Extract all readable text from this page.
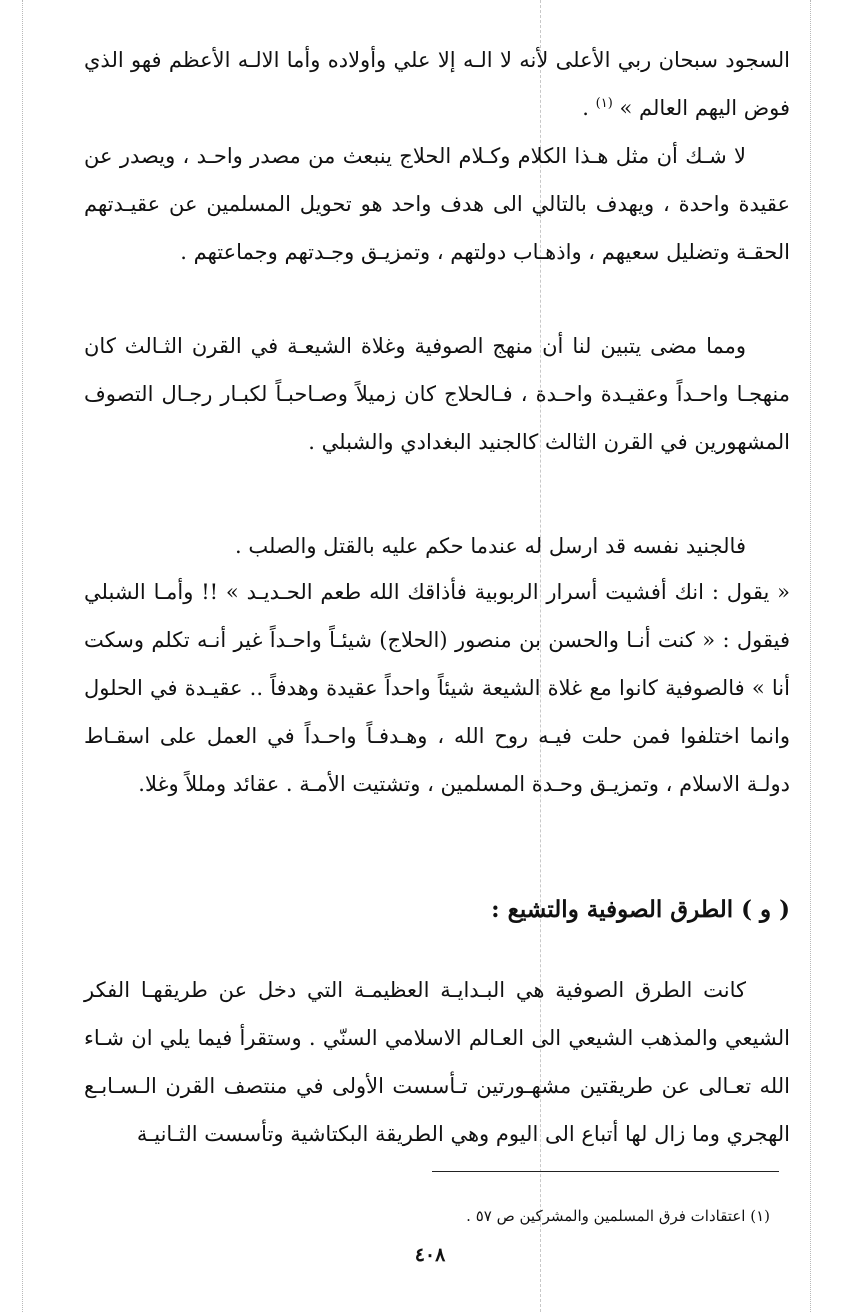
السجود سبحان ربي الأعلى لأنه لا الـه إلا علي وأولاده وأما الالـه الأعظم فهو الذي فوض اليهم العالم » $^{(١)}$ .

لا شـك أن مثل هـذا الكلام وكـلام الحلاج ينبعث من مصدر واحـد ، ويصدر عن عقيدة واحدة ، ويهدف بالتالي الى هدف واحد هو تحويل المسلمين عن عقيـدتهم الحقـة وتضليل سعيهم ، واذهـاب دولتهم ، وتمزيـق وجـدتهم وجماعتهم .

ومما مضى يتبين لنا أن منهج الصوفية وغلاة الشيعـة في القرن الثـالث كان منهجـا واحـداً وعقيـدة واحـدة ، فـالحلاج كان زميلاً وصـاحبـاً لكبـار رجـال التصوف المشهورين في القرن الثالث كالجنيد البغدادي والشبلي .

فالجنيد نفسه قد ارسل له عندما حكم عليه بالقتل والصلب .

« يقول : انك أفشيت أسرار الربوبية فأذاقك الله طعم الحـديـد » !! وأمـا الشبلي فيقول : « كنت أنـا والحسن بن منصور (الحلاج) شيئـاً واحـداً غير أنـه تكلم وسكت أنا » فالصوفية كانوا مع غلاة الشيعة شيئاً واحداً عقيدة وهدفاً .. عقيـدة في الحلول وانما اختلفوا فمن حلت فيـه روح الله ، وهـدفـاً واحـداً في العمل على اسقـاط دولـة الاسلام ، وتمزيـق وحـدة المسلمين ، وتشتيت الأمـة . عقائد ومللاً وغلا.

( و ) الطرق الصوفية والتشيع :

كانت الطرق الصوفية هي البـدايـة العظيمـة التي دخل عن طريقهـا الفكر الشيعي والمذهب الشيعي الى العـالم الاسلامي السنّي . وستقرأ فيما يلي ان شـاء الله تعـالى عن طريقتين مشهـورتين تـأسست الأولى في منتصف القرن الـسـابـع الهجري وما زال لها أتباع الى اليوم وهي الطريقة البكتاشية وتأسست الثـانيـة

(١) اعتقادات فرق المسلمين والمشركين ص ٥٧ .
٤٠٨
